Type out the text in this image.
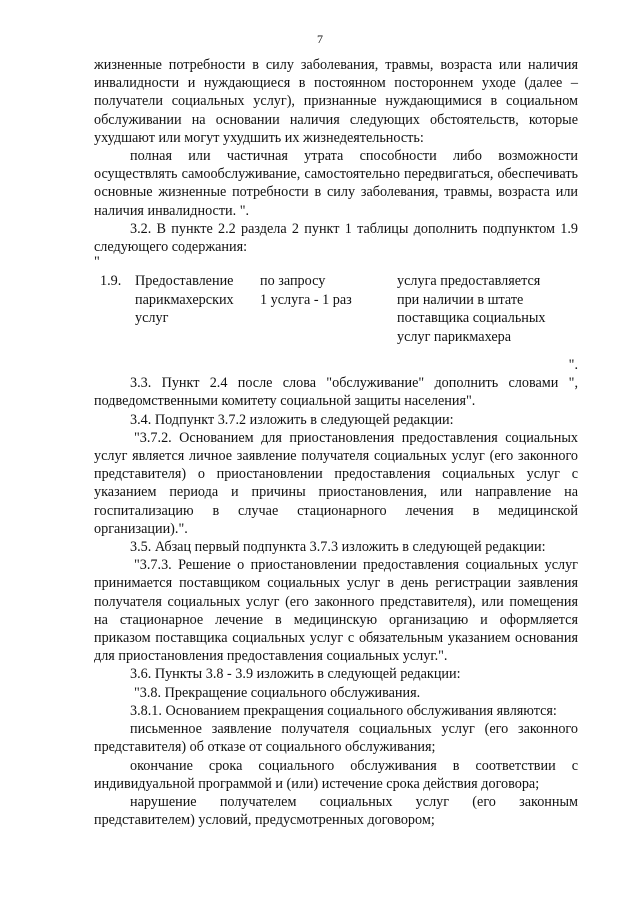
7

жизненные потребности в силу заболевания, травмы, возраста или наличия инвалидности и нуждающиеся в постоянном постороннем уходе (далее – получатели социальных услуг), признанные нуждающимися в социальном обслуживании на основании наличия следующих обстоятельств, которые ухудшают или могут ухудшить их жизнедеятельность:

полная или частичная утрата способности либо возможности осуществлять самообслуживание, самостоятельно передвигаться, обеспечивать основные жизненные потребности в силу заболевания, травмы, возраста или наличия инвалидности. ".

3.2. В пункте 2.2 раздела 2 пункт 1 таблицы дополнить подпунктом 1.9 следующего содержания:

"

1.9. Предоставление
парикмахерских
услуг
по запросу
1 услуга - 1 раз
услуга предоставляется
при наличии в штате
поставщика социальных
услуг парикмахера

".

3.3. Пункт 2.4 после слова "обслуживание" дополнить словами ", подведомственными комитету социальной защиты населения".

3.4. Подпункт 3.7.2 изложить в следующей редакции:

"3.7.2. Основанием для приостановления предоставления социальных услуг является личное заявление получателя социальных услуг (его законного представителя) о приостановлении предоставления социальных услуг с указанием периода и причины приостановления, или направление на госпитализацию в случае стационарного лечения в медицинской организации).".

3.5. Абзац первый подпункта 3.7.3 изложить в следующей редакции:

"3.7.3. Решение о приостановлении предоставления социальных услуг принимается поставщиком социальных услуг в день регистрации заявления получателя социальных услуг (его законного представителя), или помещения на стационарное лечение в медицинскую организацию и оформляется приказом поставщика социальных услуг с обязательным указанием основания для приостановления предоставления социальных услуг.".

3.6. Пункты 3.8 - 3.9 изложить в следующей редакции:

"3.8. Прекращение социального обслуживания.

3.8.1. Основанием прекращения социального обслуживания являются:

письменное заявление получателя социальных услуг (его законного представителя) об отказе от социального обслуживания;

окончание срока социального обслуживания в соответствии с индивидуальной программой и (или) истечение срока действия договора;

нарушение получателем социальных услуг (его законным представителем) условий, предусмотренных договором;
